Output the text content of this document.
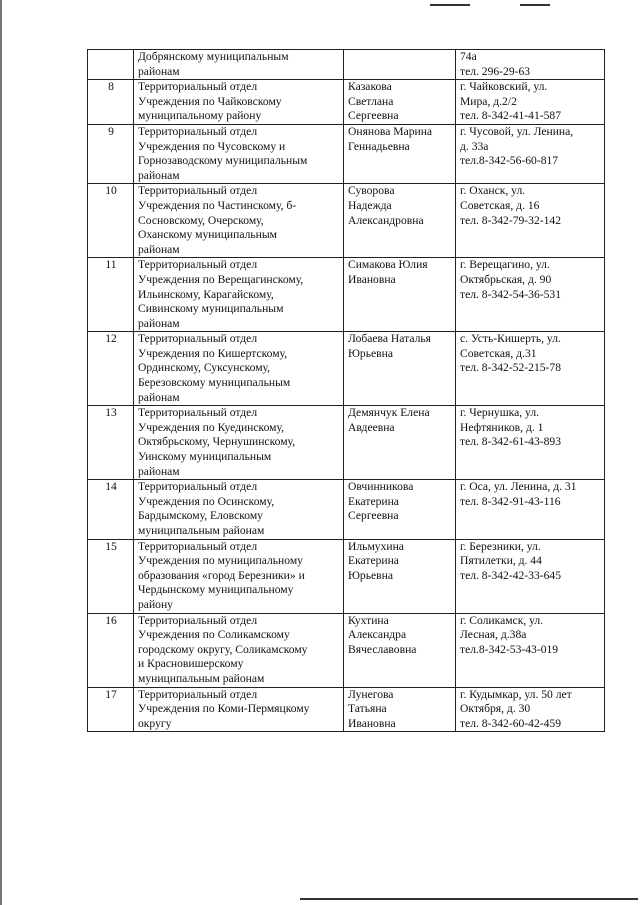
	Добрянскому муниципальным
районам		74а
тел. 296-29-63
8	Территориальный отдел
Учреждения по Чайковскому
муниципальному району	Казакова
Светлана
Сергеевна	г. Чайковский, ул.
Мира, д.2/2
тел. 8-342-41-41-587
9	Территориальный отдел
Учреждения по Чусовскому и
Горнозаводскому муниципальным
районам	Онянова Марина
Геннадьевна	г. Чусовой, ул. Ленина,
д. 33а
тел.8-342-56-60-817
10	Территориальный отдел
Учреждения по Частинскому, б-
Сосновскому, Очерскому,
Оханскому муниципальным
районам	Суворова
Надежда
Александровна	г. Оханск, ул.
Советская, д. 16
тел. 8-342-79-32-142
11	Территориальный отдел
Учреждения по Верещагинскому,
Ильинскому, Карагайскому,
Сивинскому муниципальным
районам	Симакова Юлия
Ивановна	г. Верещагино, ул.
Октябрьская, д. 90
тел. 8-342-54-36-531
12	Территориальный отдел
Учреждения по Кишертскому,
Ординскому, Суксунскому,
Березовскому муниципальным
районам	Лобаева Наталья
Юрьевна	с. Усть-Кишерть, ул.
Советская, д.31
тел. 8-342-52-215-78
13	Территориальный отдел
Учреждения по Куединскому,
Октябрьскому, Чернушинскому,
Уинскому муниципальным
районам	Демянчук Елена
Авдеевна	г. Чернушка, ул.
Нефтяников, д. 1
тел. 8-342-61-43-893
14	Территориальный отдел
Учреждения по Осинскому,
Бардымскому, Еловскому
муниципальным районам	Овчинникова
Екатерина
Сергеевна	г. Оса, ул. Ленина, д. 31
тел. 8-342-91-43-116
15	Территориальный отдел
Учреждения по муниципальному
образования «город Березники» и
Чердынскому муниципальному
району	Ильмухина
Екатерина
Юрьевна	г. Березники, ул.
Пятилетки, д. 44
тел. 8-342-42-33-645
16	Территориальный отдел
Учреждения по Соликамскому
городскому округу, Соликамскому
и Красновишерскому
муниципальным районам	Кухтина
Александра
Вячеславовна	г. Соликамск, ул.
Лесная, д.38а
тел.8-342-53-43-019
17	Территориальный отдел
Учреждения по Коми-Пермяцкому
округу	Лунегова
Татьяна
Ивановна	г. Кудымкар, ул. 50 лет
Октября, д. 30
тел. 8-342-60-42-459
